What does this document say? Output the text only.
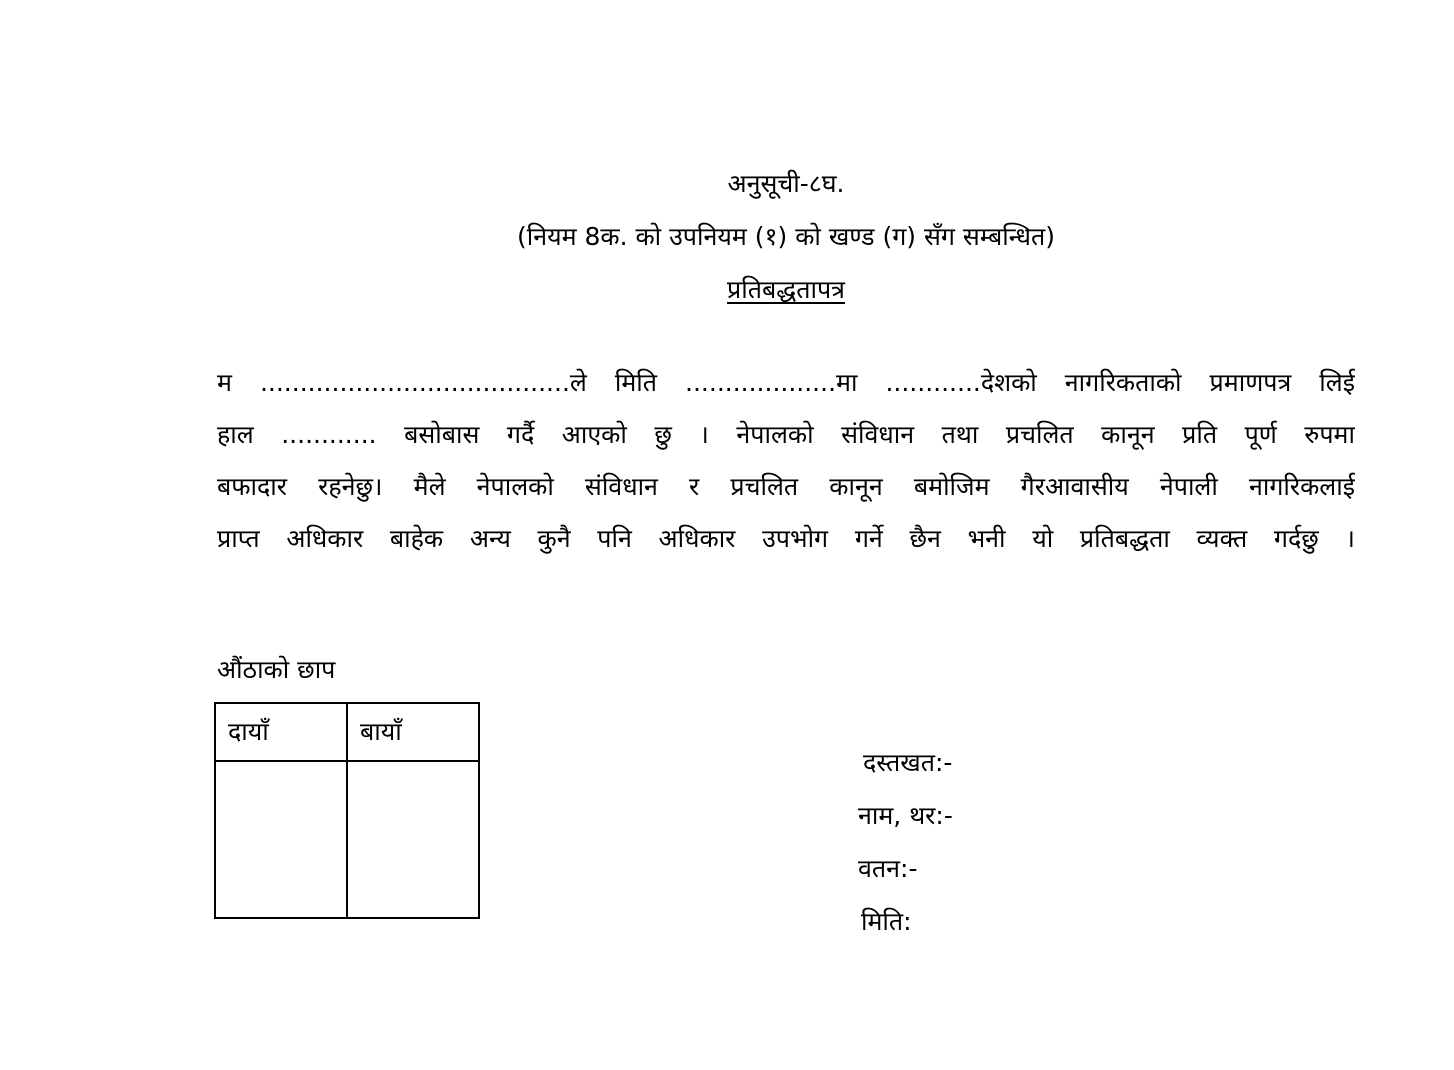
अनुसूची-८घ.
(नियम 8क. को उपनियम (१) को खण्ड (ग) सँग सम्बन्धित)
प्रतिबद्धतापत्र
म .......................................ले मिति ...................मा ............देशको नागरिकताको प्रमाणपत्र लिई
हाल ............ बसोबास गर्दै आएको छु । नेपालको संविधान तथा प्रचलित कानून प्रति पूर्ण रुपमा
बफादार रहनेछु। मैले नेपालको संविधान र प्रचलित कानून बमोजिम गैरआवासीय नेपाली नागरिकलाई
प्राप्त अधिकार बाहेक अन्य कुनै पनि अधिकार उपभोग गर्ने छैन भनी यो प्रतिबद्धता व्यक्त गर्दछु ।
औंठाको छाप
दायाँ	बायाँ

दस्तखत:-
नाम, थर:-
वतन:-
मिति:
